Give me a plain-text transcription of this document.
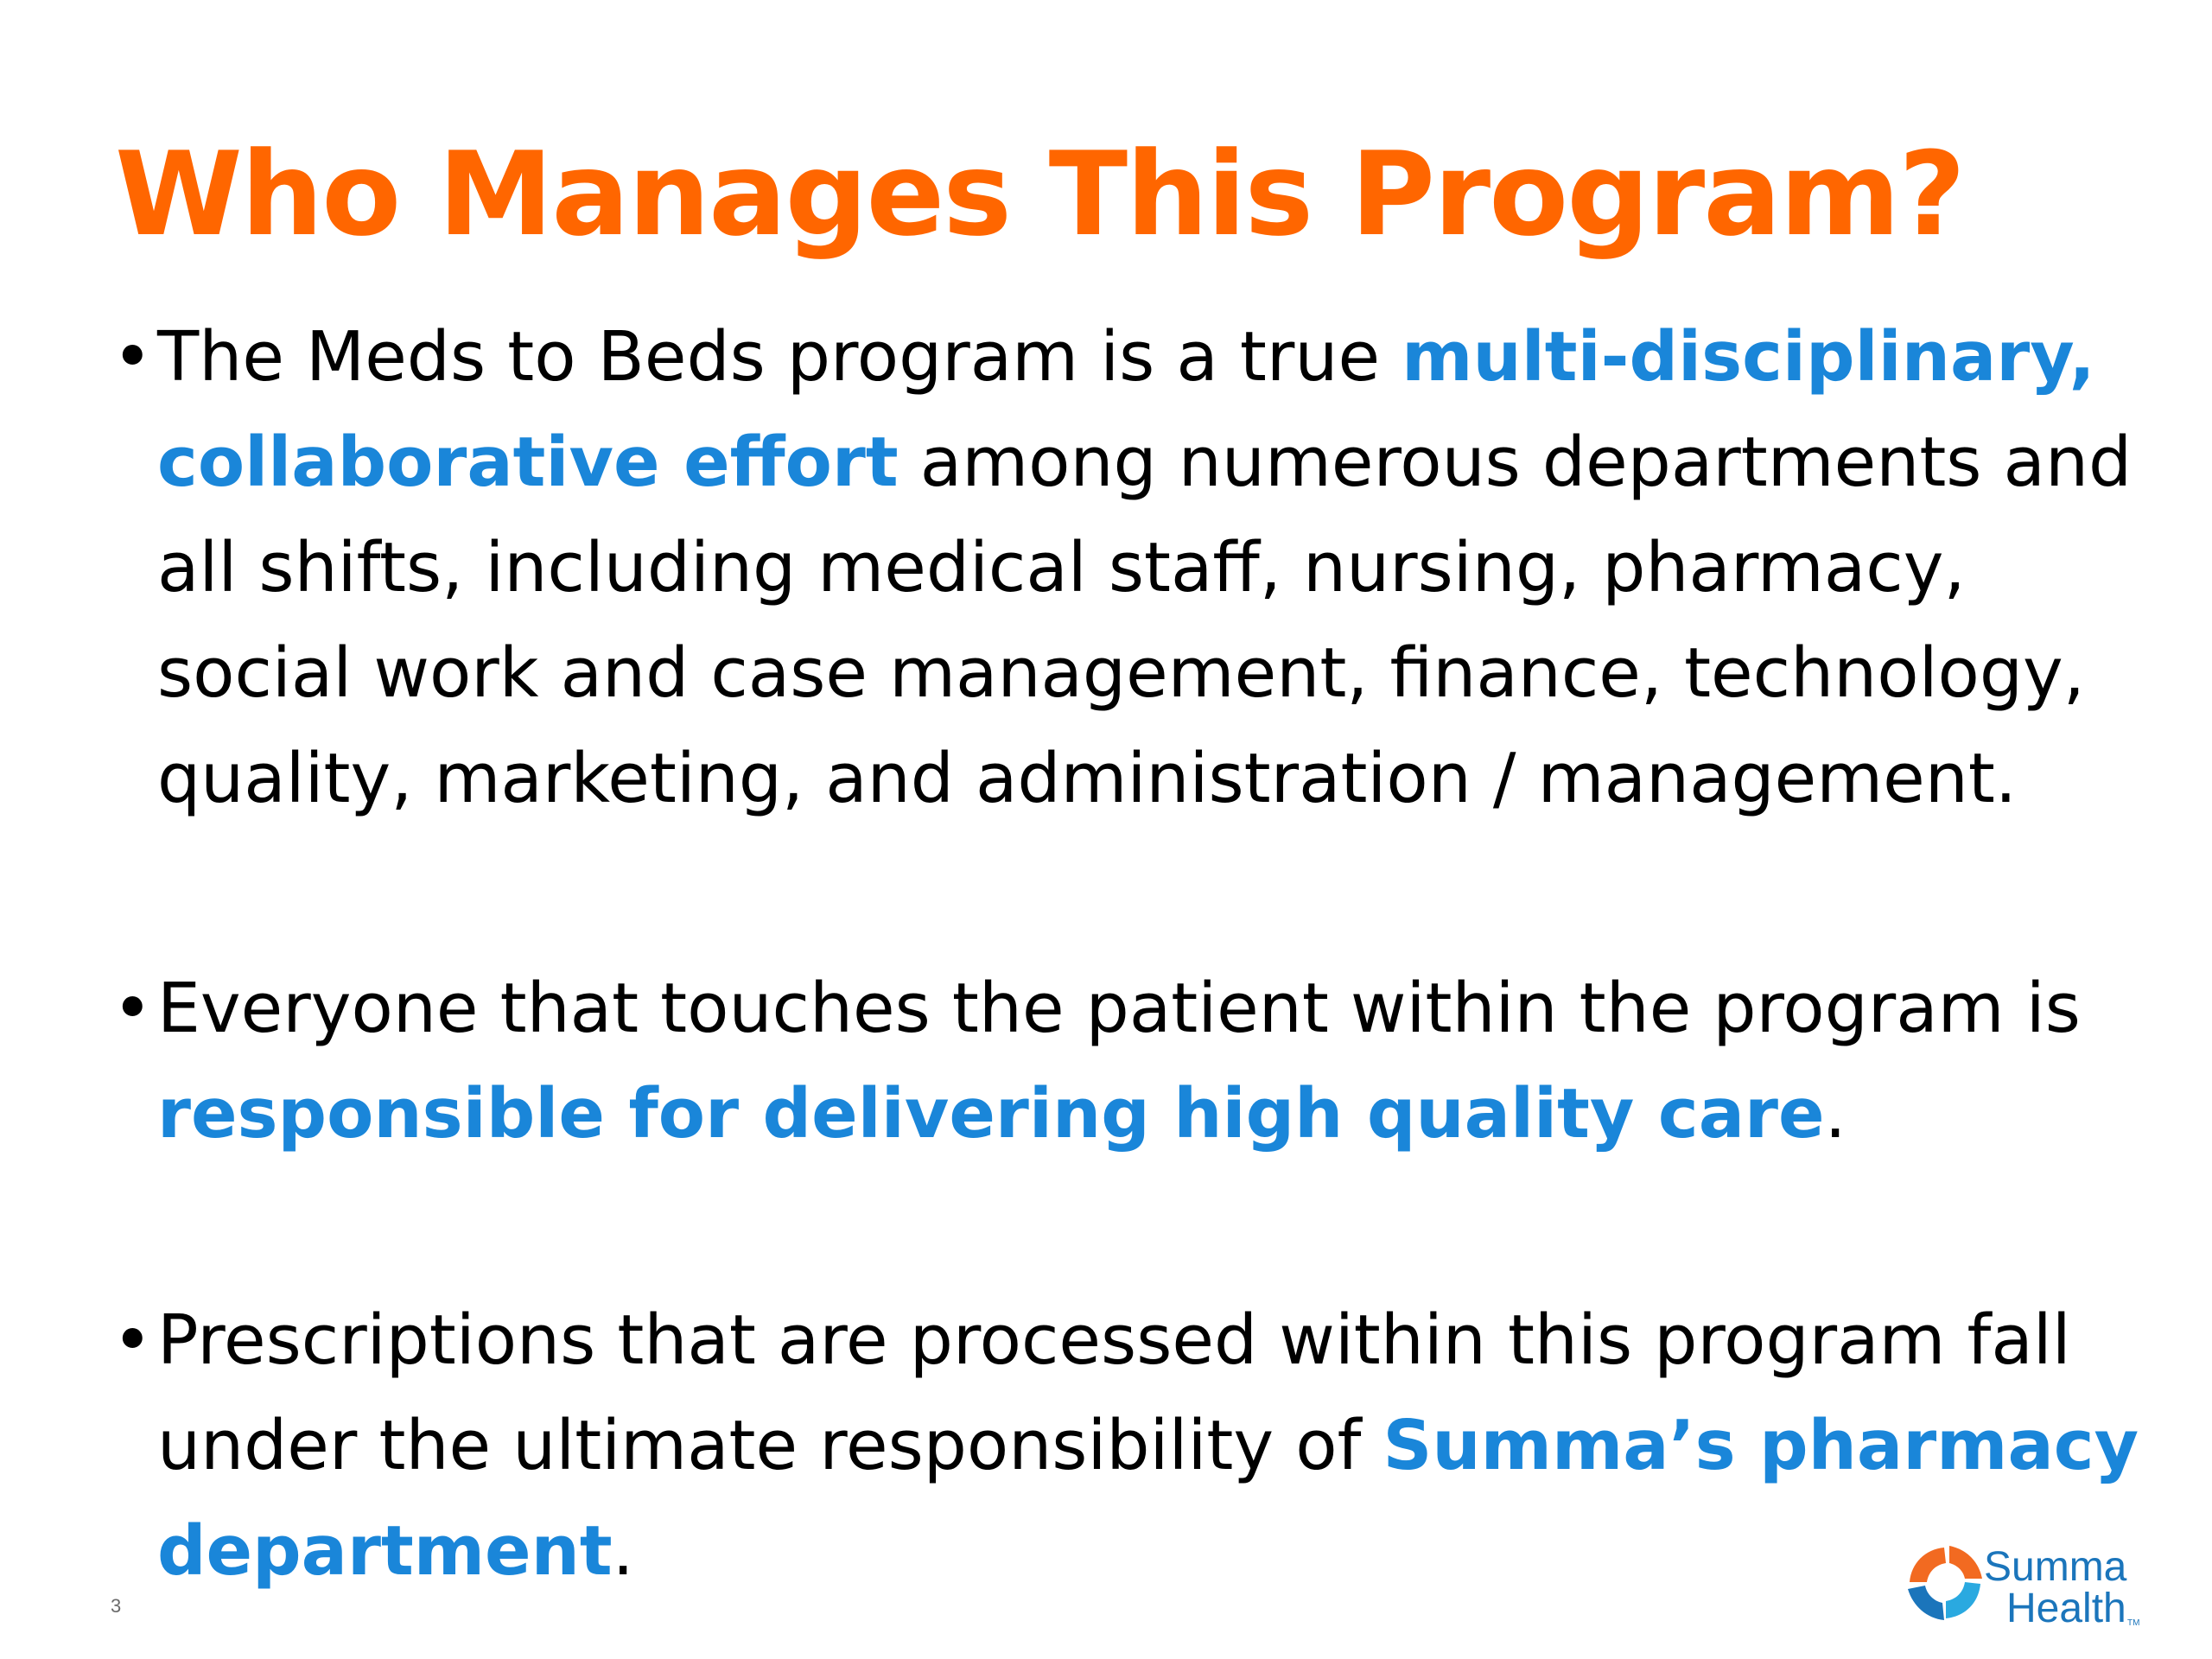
Who Manages This Program?
• The Meds to Beds program is a true multi-disciplinary, collaborative effort among numerous departments and all shifts, including medical staff, nursing, pharmacy, social work and case management, finance, technology, quality, marketing, and administration / management.
• Everyone that touches the patient within the program is responsible for delivering high quality care.
• Prescriptions that are processed within this program fall under the ultimate responsibility of Summa’s pharmacy department.
3
Summa
Health TM
